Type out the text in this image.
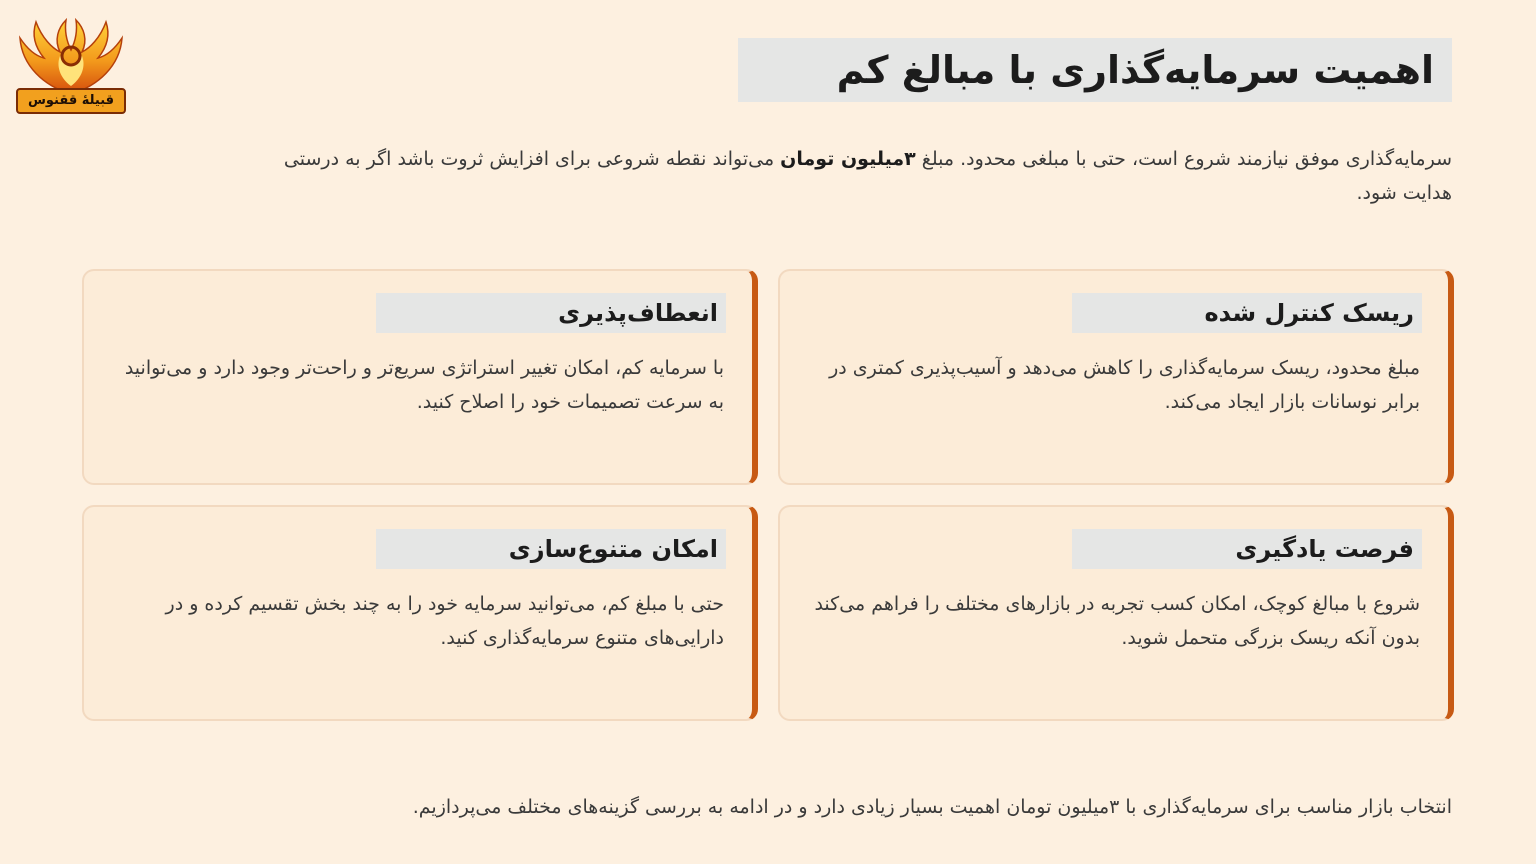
قبیلهٔ ققنوس
اهمیت سرمایه‌گذاری با مبالغ کم

سرمایه‌گذاری موفق نیازمند شروع است، حتی با مبلغی محدود. مبلغ ۳میلیون تومان می‌تواند نقطه شروعی برای افزایش ثروت باشد اگر به درستی هدایت شود.

ریسک کنترل شده

مبلغ محدود، ریسک سرمایه‌گذاری را کاهش می‌دهد و آسیب‌پذیری کمتری در برابر نوسانات بازار ایجاد می‌کند.

انعطاف‌پذیری

با سرمایه کم، امکان تغییر استراتژی سریع‌تر و راحت‌تر وجود دارد و می‌توانید به سرعت تصمیمات خود را اصلاح کنید.

فرصت یادگیری

شروع با مبالغ کوچک، امکان کسب تجربه در بازارهای مختلف را فراهم می‌کند بدون آنکه ریسک بزرگی متحمل شوید.

امکان متنوع‌سازی

حتی با مبلغ کم، می‌توانید سرمایه خود را به چند بخش تقسیم کرده و در دارایی‌های متنوع سرمایه‌گذاری کنید.

انتخاب بازار مناسب برای سرمایه‌گذاری با ۳میلیون تومان اهمیت بسیار زیادی دارد و در ادامه به بررسی گزینه‌های مختلف می‌پردازیم.
